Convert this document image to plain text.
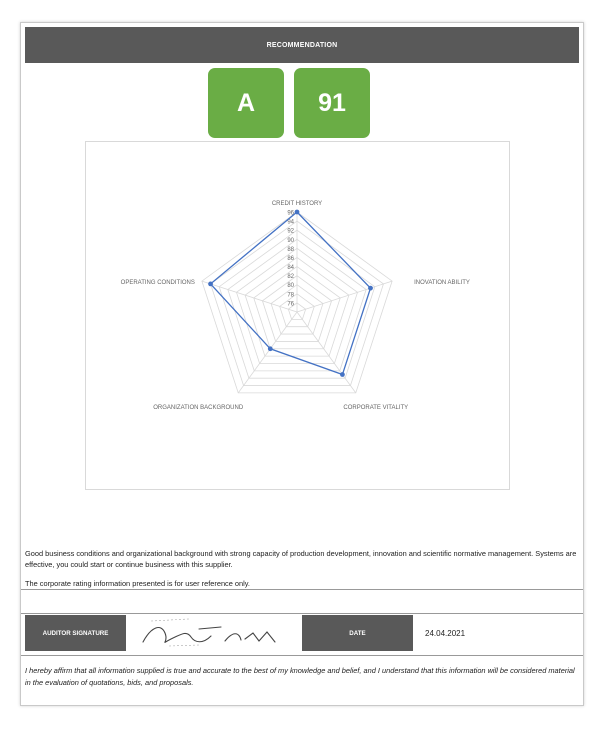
RECOMMENDATION
A	91
96
94
92
90
88
86
84
82
80
78
76
CREDIT HISTORY
INOVATION ABILITY
CORPORATE VITALITY
ORGANIZATION BACKGROUND
OPERATING CONDITIONS
Good business conditions and organizational background with strong capacity of production development, innovation and scientific normative management. Systems are effective, you could start or continue business with this supplier.
The corporate rating information presented is for user reference only.
AUDITOR SIGNATURE	DATE	24.04.2021
I hereby affirm that all information supplied is true and accurate to the best of my knowledge and belief, and I understand that this information will be considered material in the evaluation of quotations, bids, and proposals.
